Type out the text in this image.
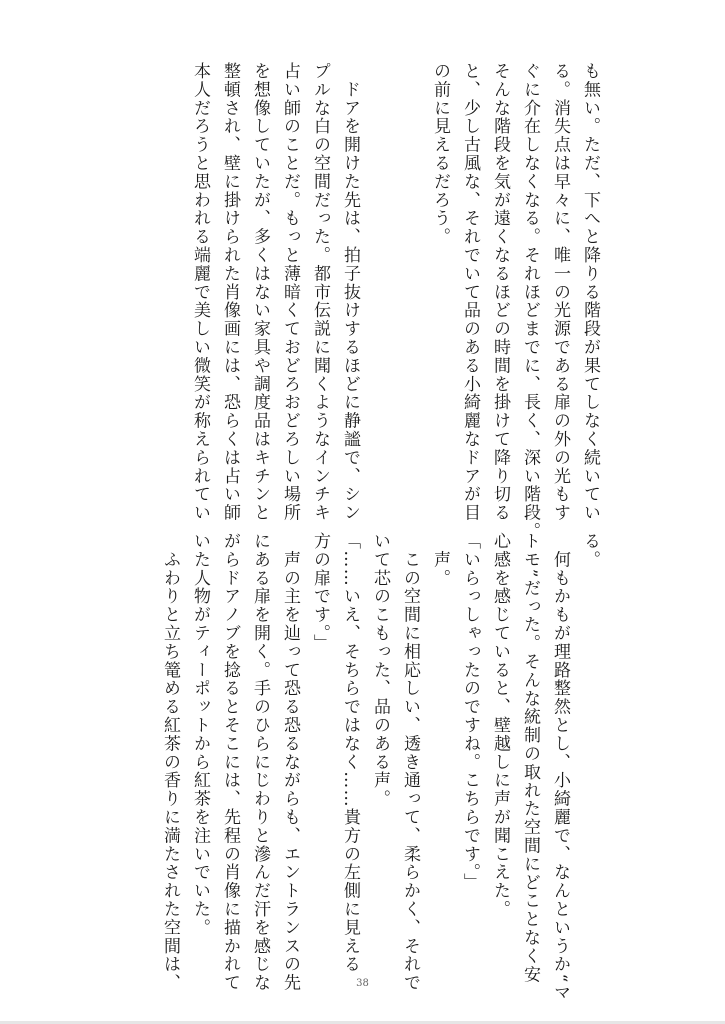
も無い。ただ、下へと降りる階段が果てしなく続いてい
る。消失点は早々に、唯一の光源である扉の外の光もす
ぐに介在しなくなる。それほどまでに、長く、深い階段。
そんな階段を気が遠くなるほどの時間を掛けて降り切る
と、少し古風な、それでいて品のある小綺麗なドアが目
の前に見えるだろう。

　ドアを開けた先は、拍子抜けするほどに静謐で、シン
プルな白の空間だった。都市伝説に聞くようなインチキ
占い師のことだ。もっと薄暗くておどろおどろしい場所
を想像していたが、多くはない家具や調度品はキチンと
整頓され、壁に掛けられた肖像画には、恐らくは占い師
本人だろうと思われる端麗で美しい微笑が称えられてい
る。
　何もかもが理路整然とし、小綺麗で、なんというか“マ
トモ”だった。そんな統制の取れた空間にどことなく安
心感を感じていると、壁越しに声が聞こえた。
「いらっしゃったのですね。こちらです。」
　声。
　この空間に相応しい、透き通って、柔らかく、それで
いて芯のこもった、品のある声。
「……いえ、そちらではなく……貴方の左側に見える
方の扉です。」
　声の主を辿って恐る恐るながらも、エントランスの先
にある扉を開く。手のひらにじわりと滲んだ汗を感じな
がらドアノブを捻るとそこには、先程の肖像に描かれて
いた人物がティーポットから紅茶を注いでいた。
　ふわりと立ち篭める紅茶の香りに満たされた空間は、	38
